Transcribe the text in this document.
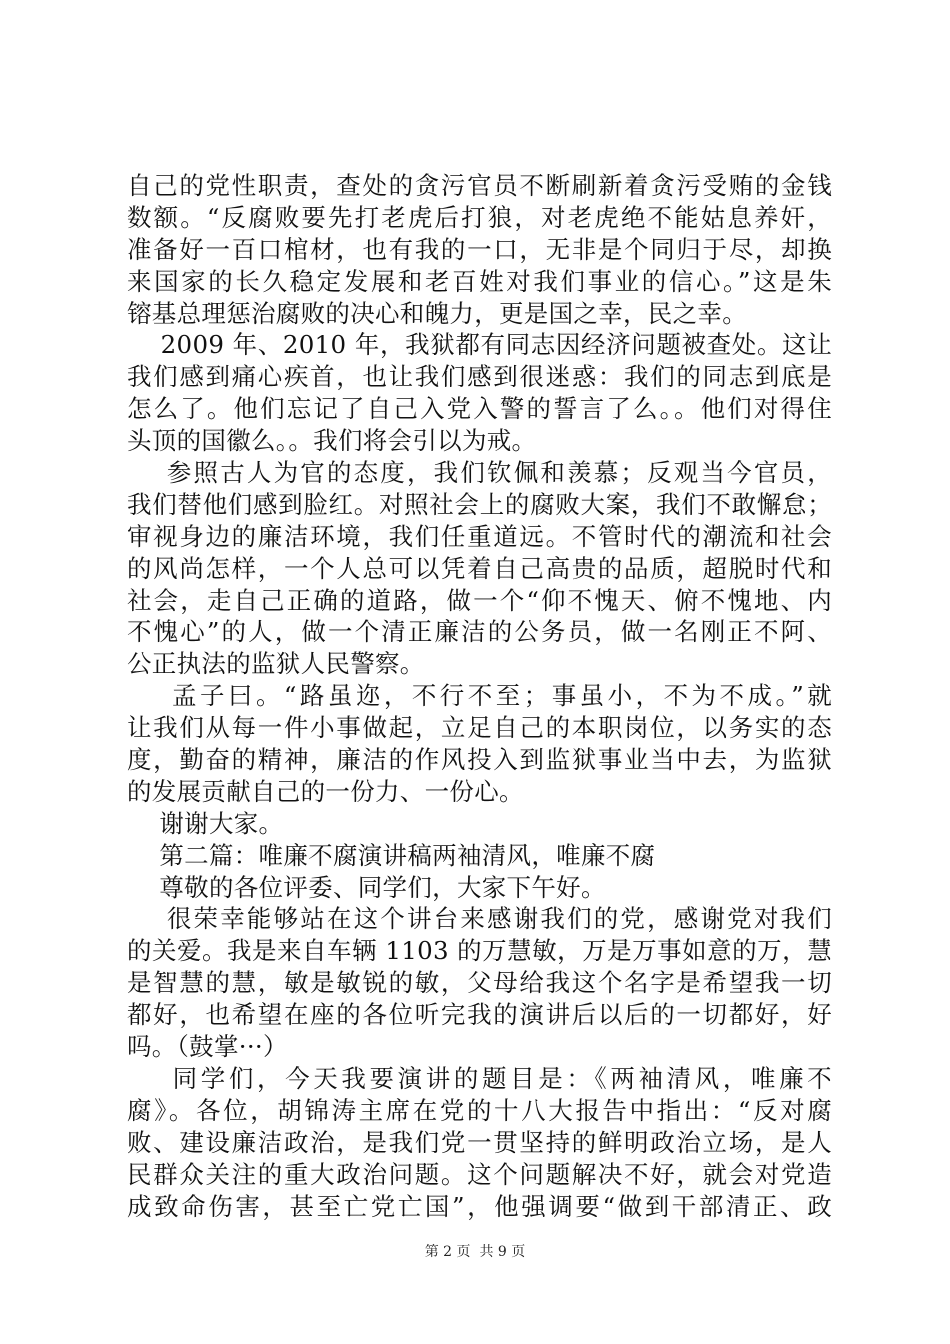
自己的党性职责，查处的贪污官员不断刷新着贪污受贿的金钱
数额。“反腐败要先打老虎后打狼，对老虎绝不能姑息养奸，
准备好一百口棺材，也有我的一口，无非是个同归于尽，却换
来国家的长久稳定发展和老百姓对我们事业的信心。”这是朱
镕基总理惩治腐败的决心和魄力，更是国之幸，民之幸。
2009 年、2010 年，我狱都有同志因经济问题被查处。这让
我们感到痛心疾首，也让我们感到很迷惑：我们的同志到底是
怎么了。他们忘记了自己入党入警的誓言了么。。他们对得住
头顶的国徽么。。我们将会引以为戒。
参照古人为官的态度，我们钦佩和羡慕；反观当今官员，
我们替他们感到脸红。对照社会上的腐败大案，我们不敢懈怠；
审视身边的廉洁环境，我们任重道远。不管时代的潮流和社会
的风尚怎样，一个人总可以凭着自己高贵的品质，超脱时代和
社会，走自己正确的道路，做一个“仰不愧天、俯不愧地、内
不愧心”的人，做一个清正廉洁的公务员，做一名刚正不阿、
公正执法的监狱人民警察。
孟子曰。“路虽迩，不行不至；事虽小，不为不成。”就
让我们从每一件小事做起，立足自己的本职岗位，以务实的态
度，勤奋的精神，廉洁的作风投入到监狱事业当中去，为监狱
的发展贡献自己的一份力、一份心。
谢谢大家。
第二篇：唯廉不腐演讲稿两袖清风，唯廉不腐
尊敬的各位评委、同学们，大家下午好。
很荣幸能够站在这个讲台来感谢我们的党，感谢党对我们
的关爱。我是来自车辆 1103 的万慧敏，万是万事如意的万，慧
是智慧的慧，敏是敏锐的敏，父母给我这个名字是希望我一切
都好，也希望在座的各位听完我的演讲后以后的一切都好，好
吗。（鼓掌···）
同学们，今天我要演讲的题目是：《两袖清风，唯廉不
腐》。各位，胡锦涛主席在党的十八大报告中指出：“反对腐
败、建设廉洁政治，是我们党一贯坚持的鲜明政治立场，是人
民群众关注的重大政治问题。这个问题解决不好，就会对党造
成致命伤害，甚至亡党亡国”，他强调要“做到干部清正、政
第 2 页  共 9 页
